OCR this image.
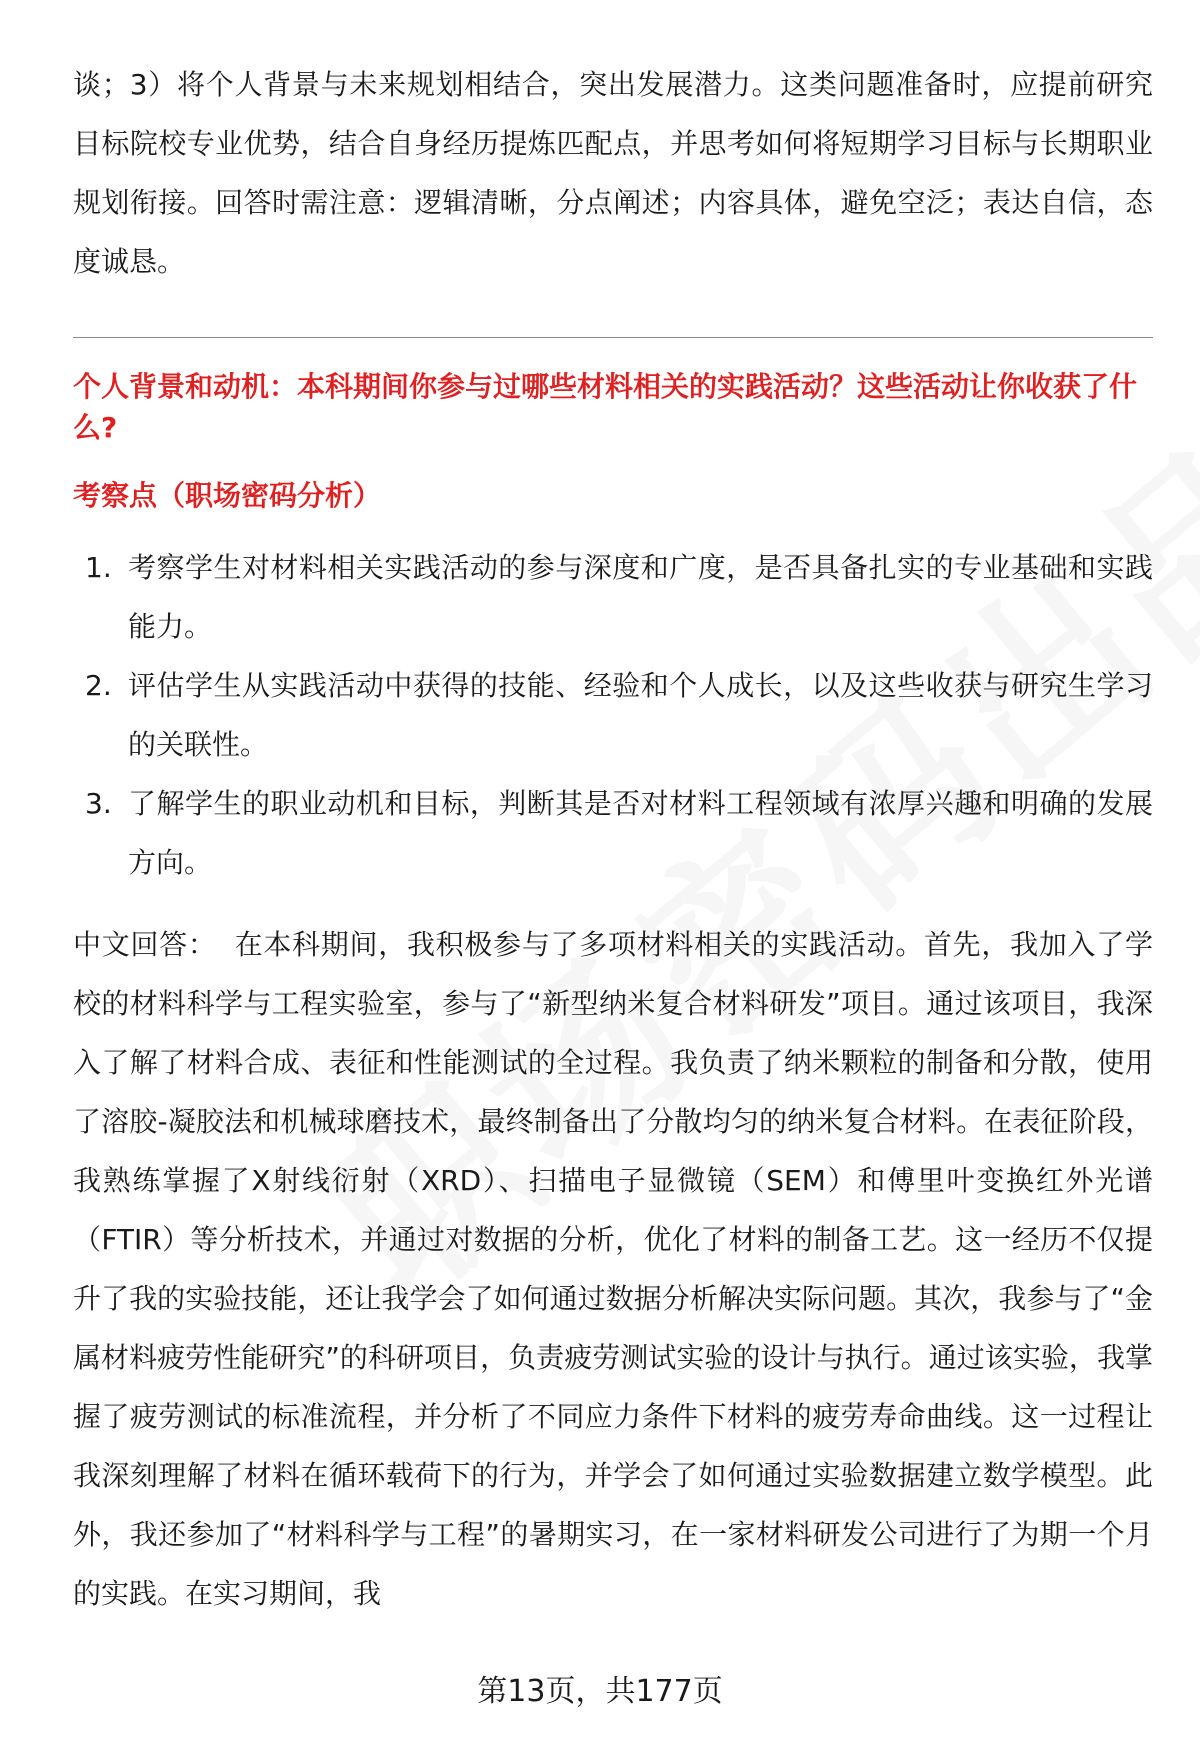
谈；3）将个人背景与未来规划相结合，突出发展潜力。这类问题准备时，应提前研究目标院校专业优势，结合自身经历提炼匹配点，并思考如何将短期学习目标与长期职业规划衔接。回答时需注意：逻辑清晰，分点阐述；内容具体，避免空泛；表达自信，态度诚恳。

个人背景和动机：本科期间你参与过哪些材料相关的实践活动？这些活动让你收获了什么?
考察点（职场密码分析）
1. 考察学生对材料相关实践活动的参与深度和广度，是否具备扎实的专业基础和实践能力。
2. 评估学生从实践活动中获得的技能、经验和个人成长，以及这些收获与研究生学习的关联性。
3. 了解学生的职业动机和目标，判断其是否对材料工程领域有浓厚兴趣和明确的发展方向。

中文回答： 在本科期间，我积极参与了多项材料相关的实践活动。首先，我加入了学校的材料科学与工程实验室，参与了“新型纳米复合材料研发”项目。通过该项目，我深入了解了材料合成、表征和性能测试的全过程。我负责了纳米颗粒的制备和分散，使用了溶胶-凝胶法和机械球磨技术，最终制备出了分散均匀的纳米复合材料。在表征阶段，我熟练掌握了X射线衍射（XRD）、扫描电子显微镜（SEM）和傅里叶变换红外光谱（FTIR）等分析技术，并通过对数据的分析，优化了材料的制备工艺。这一经历不仅提升了我的实验技能，还让我学会了如何通过数据分析解决实际问题。其次，我参与了“金属材料疲劳性能研究”的科研项目，负责疲劳测试实验的设计与执行。通过该实验，我掌握了疲劳测试的标准流程，并分析了不同应力条件下材料的疲劳寿命曲线。这一过程让我深刻理解了材料在循环载荷下的行为，并学会了如何通过实验数据建立数学模型。此外，我还参加了“材料科学与工程”的暑期实习，在一家材料研发公司进行了为期一个月的实践。在实习期间，我

第13页，共177页
